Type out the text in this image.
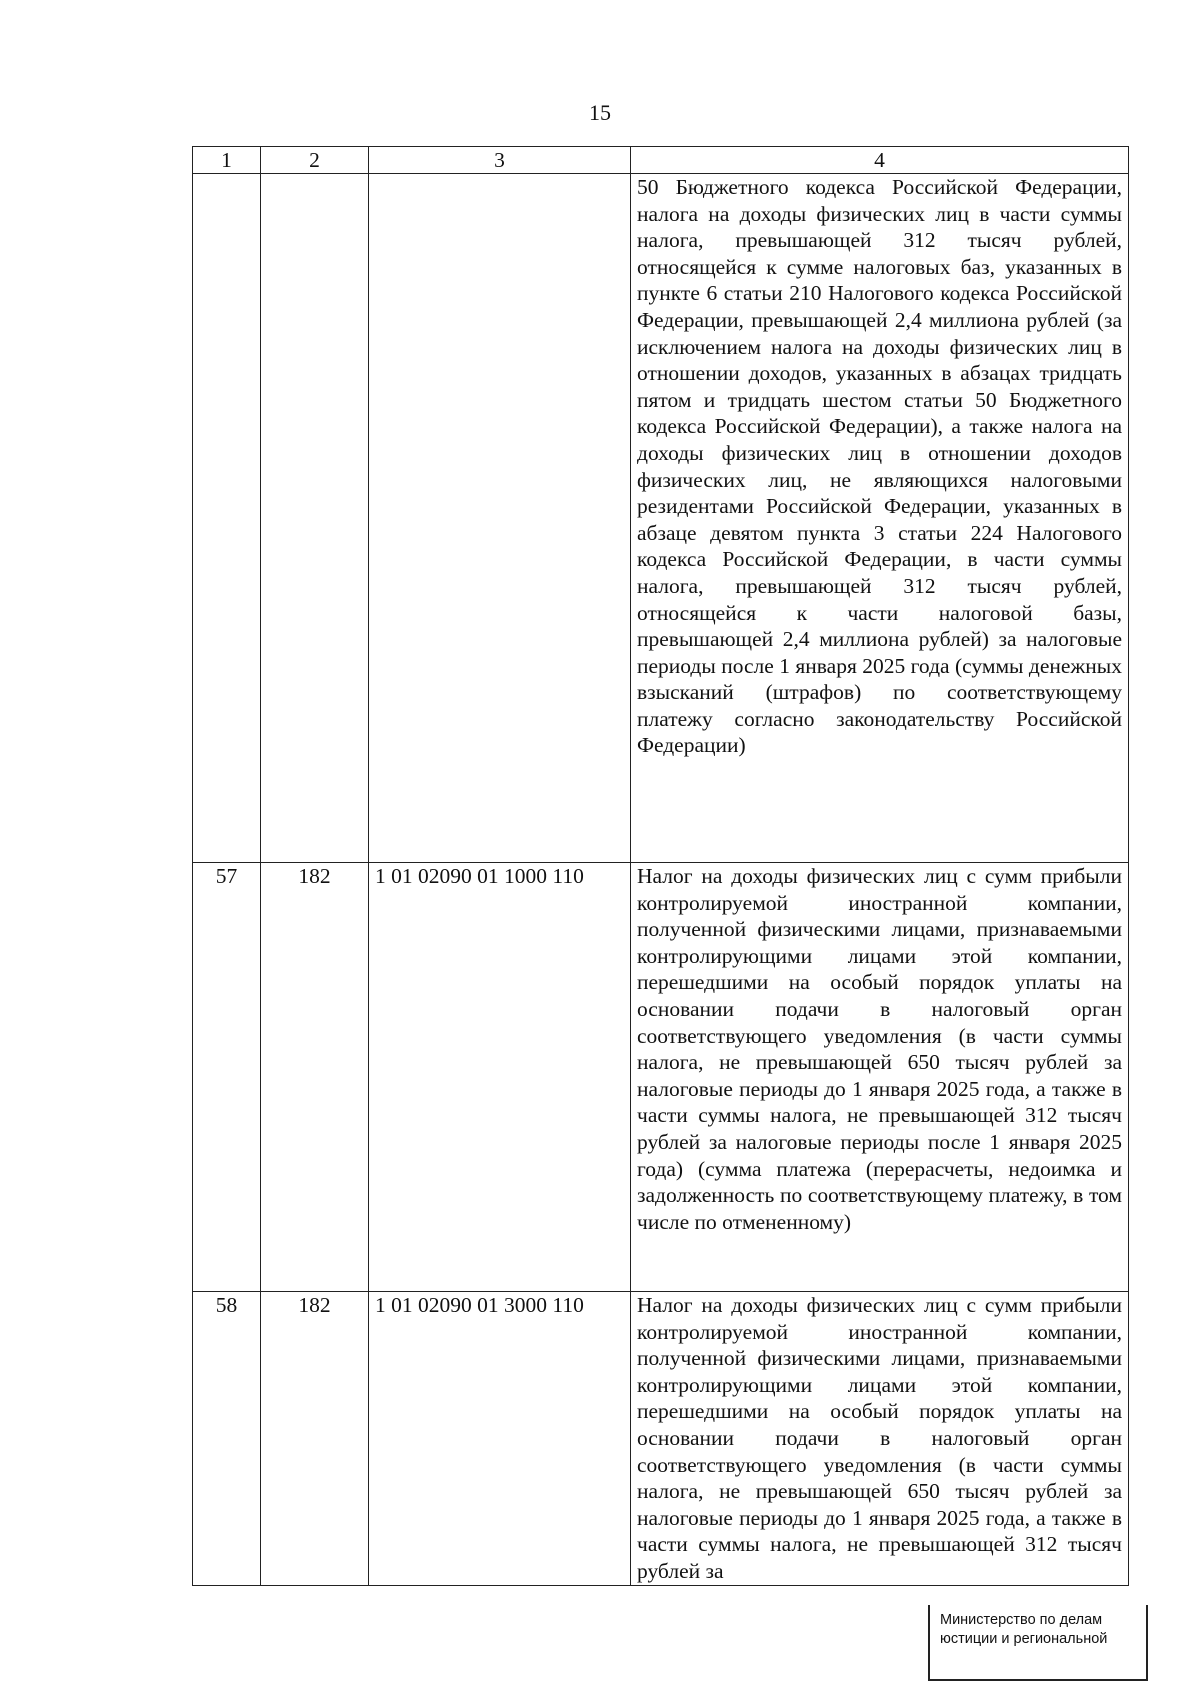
15
1	2	3	4
			50 Бюджетного кодекса Российской Федерации, налога на доходы физических лиц в части суммы налога, превышающей 312 тысяч рублей, относящейся к сумме налоговых баз, указанных в пункте 6 статьи 210 Налогового кодекса Российской Федерации, превышающей 2,4 миллиона рублей (за исключением налога на доходы физических лиц в отношении доходов, указанных в абзацах тридцать пятом и тридцать шестом статьи 50 Бюджетного кодекса Российской Федерации), а также налога на доходы физических лиц в отношении доходов физических лиц, не являющихся налоговыми резидентами Российской Федерации, указанных в абзаце девятом пункта 3 статьи 224 Налогового кодекса Российской Федерации, в части суммы налога, превышающей 312 тысяч рублей, относящейся к части налоговой базы, превышающей 2,4 миллиона рублей) за налоговые периоды после 1 января 2025 года (суммы денежных взысканий (штрафов) по соответствующему платежу согласно законодательству Российской Федерации)
57	182	1 01 02090 01 1000 110	Налог на доходы физических лиц с сумм прибыли контролируемой иностранной компании, полученной физическими лицами, признаваемыми контролирующими лицами этой компании, перешедшими на особый порядок уплаты на основании подачи в налоговый орган соответствующего уведомления (в части суммы налога, не превышающей 650 тысяч рублей за налоговые периоды до 1 января 2025 года, а также в части суммы налога, не превышающей 312 тысяч рублей за налоговые периоды после 1 января 2025 года) (сумма платежа (перерасчеты, недоимка и задолженность по соответствующему платежу, в том числе по отмененному)
58	182	1 01 02090 01 3000 110	Налог на доходы физических лиц с сумм прибыли контролируемой иностранной компании, полученной физическими лицами, признаваемыми контролирующими лицами этой компании, перешедшими на особый порядок уплаты на основании подачи в налоговый орган соответствующего уведомления (в части суммы налога, не превышающей 650 тысяч рублей за налоговые периоды до 1 января 2025 года, а также в части суммы налога, не превышающей 312 тысяч рублей за
Министерство по делам
юстиции и региональной
